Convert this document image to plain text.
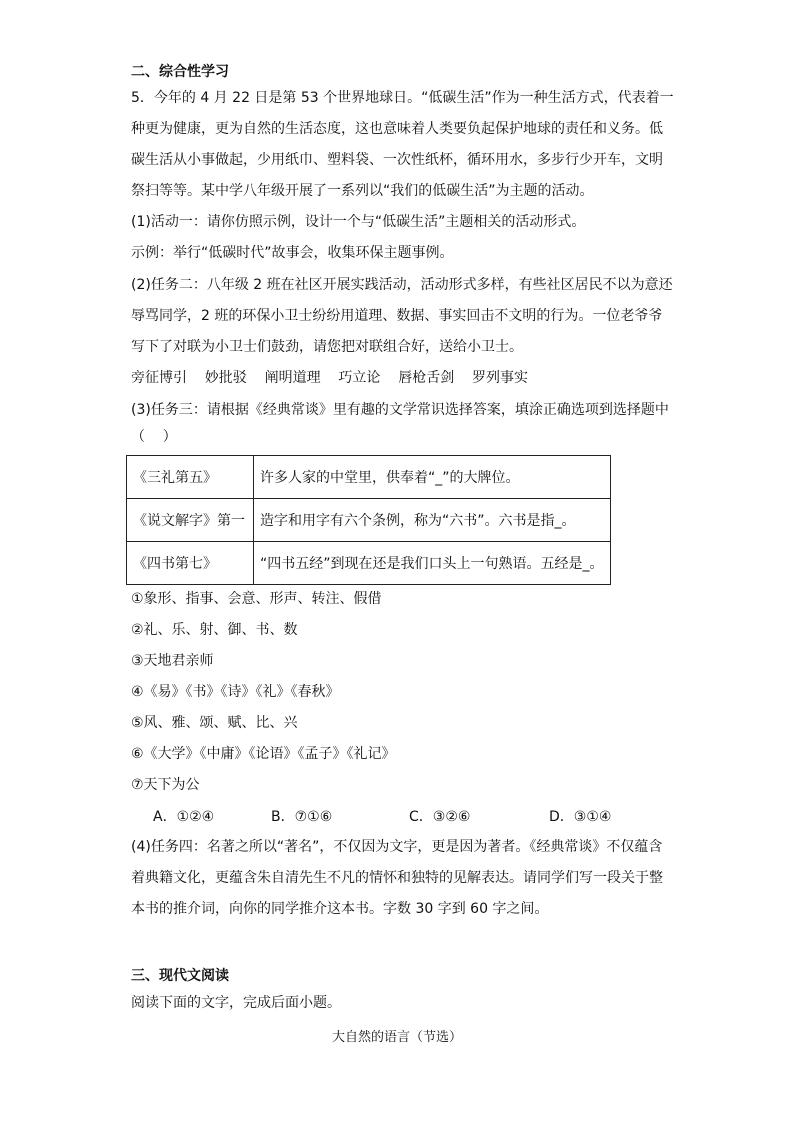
二、综合性学习
5．今年的 4 月 22 日是第 53 个世界地球日。“低碳生活”作为一种生活方式，代表着一
种更为健康，更为自然的生活态度，这也意味着人类要负起保护地球的责任和义务。低
碳生活从小事做起，少用纸巾、塑料袋、一次性纸杯，循环用水，多步行少开车，文明
祭扫等等。某中学八年级开展了一系列以“我们的低碳生活”为主题的活动。
(1)活动一：请你仿照示例，设计一个与“低碳生活”主题相关的活动形式。
示例：举行“低碳时代”故事会，收集环保主题事例。
(2)任务二：八年级 2 班在社区开展实践活动，活动形式多样，有些社区居民不以为意还
辱骂同学，2 班的环保小卫士纷纷用道理、数据、事实回击不文明的行为。一位老爷爷
写下了对联为小卫士们鼓劲，请您把对联组合好，送给小卫士。
旁征博引    妙批驳    阐明道理    巧立论    唇枪舌剑    罗列事实
(3)任务三：请根据《经典常谈》里有趣的文学常识选择答案，填涂正确选项到选择题中
（    ）
《三礼第五》	许多人家的中堂里，供奉着“_”的大牌位。
《说文解字》第一	造字和用字有六个条例，称为“六书”。六书是指_。
《四书第七》	“四书五经”到现在还是我们口头上一句熟语。五经是_。
①象形、指事、会意、形声、转注、假借
②礼、乐、射、御、书、数
③天地君亲师
④《易》《书》《诗》《礼》《春秋》
⑤风、雅、颂、赋、比、兴
⑥《大学》《中庸》《论语》《孟子》《礼记》
⑦天下为公
A．①②④	B．⑦①⑥	C．③②⑥	D．③①④
(4)任务四：名著之所以“著名”，不仅因为文字，更是因为著者。《经典常谈》不仅蕴含
着典籍文化，更蕴含朱自清先生不凡的情怀和独特的见解表达。请同学们写一段关于整
本书的推介词，向你的同学推介这本书。字数 30 字到 60 字之间。
三、现代文阅读
阅读下面的文字，完成后面小题。
大自然的语言（节选）
